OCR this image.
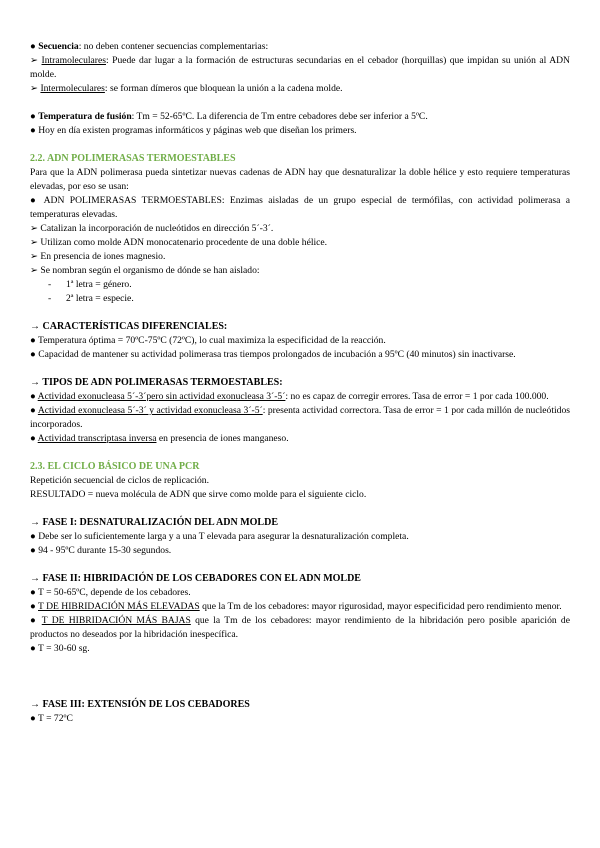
● Secuencia: no deben contener secuencias complementarias:

➢ Intramoleculares: Puede dar lugar a la formación de estructuras secundarias en el cebador (horquillas) que impidan su unión al ADN molde.

➢ Intermoleculares: se forman dímeros que bloquean la unión a la cadena molde.

● Temperatura de fusión: Tm = 52-65ºC. La diferencia de Tm entre cebadores debe ser inferior a 5ºC.

● Hoy en día existen programas informáticos y páginas web que diseñan los primers.

2.2. ADN POLIMERASAS TERMOESTABLES

Para que la ADN polimerasa pueda sintetizar nuevas cadenas de ADN hay que desnaturalizar la doble hélice y esto requiere temperaturas elevadas, por eso se usan:

● ADN POLIMERASAS TERMOESTABLES: Enzimas aisladas de un grupo especial de termófilas, con actividad polimerasa a temperaturas elevadas.

➢ Catalizan la incorporación de nucleótidos en dirección 5´-3´.

➢ Utilizan como molde ADN monocatenario procedente de una doble hélice.

➢ En presencia de iones magnesio.

➢ Se nombran según el organismo de dónde se han aislado:

- 1ª letra = género.

- 2ª letra = especie.

→ CARACTERÍSTICAS DIFERENCIALES:

● Temperatura óptima = 70ºC-75ºC (72ºC), lo cual maximiza la especificidad de la reacción.

● Capacidad de mantener su actividad polimerasa tras tiempos prolongados de incubación a 95ºC (40 minutos) sin inactivarse.

→ TIPOS DE ADN POLIMERASAS TERMOESTABLES:

● Actividad exonucleasa 5´-3´pero sin actividad exonucleasa 3´-5´: no es capaz de corregir errores. Tasa de error = 1 por cada 100.000.

● Actividad exonucleasa 5´-3´ y actividad exonucleasa 3´-5´: presenta actividad correctora. Tasa de error = 1 por cada millón de nucleótidos incorporados.

● Actividad transcriptasa inversa en presencia de iones manganeso.

2.3. EL CICLO BÁSICO DE UNA PCR

Repetición secuencial de ciclos de replicación.

RESULTADO = nueva molécula de ADN que sirve como molde para el siguiente ciclo.

→ FASE I: DESNATURALIZACIÓN DEL ADN MOLDE

● Debe ser lo suficientemente larga y a una T elevada para asegurar la desnaturalización completa.

● 94 - 95ºC durante 15-30 segundos.

→ FASE II: HIBRIDACIÓN DE LOS CEBADORES CON EL ADN MOLDE

● T = 50-65ºC, depende de los cebadores.

● T DE HIBRIDACIÓN MÁS ELEVADAS que la Tm de los cebadores: mayor rigurosidad, mayor especificidad pero rendimiento menor.

● T DE HIBRIDACIÓN MÁS BAJAS que la Tm de los cebadores: mayor rendimiento de la hibridación pero posible aparición de productos no deseados por la hibridación inespecífica.

● T = 30-60 sg.

→ FASE III: EXTENSIÓN DE LOS CEBADORES

● T = 72ºC
